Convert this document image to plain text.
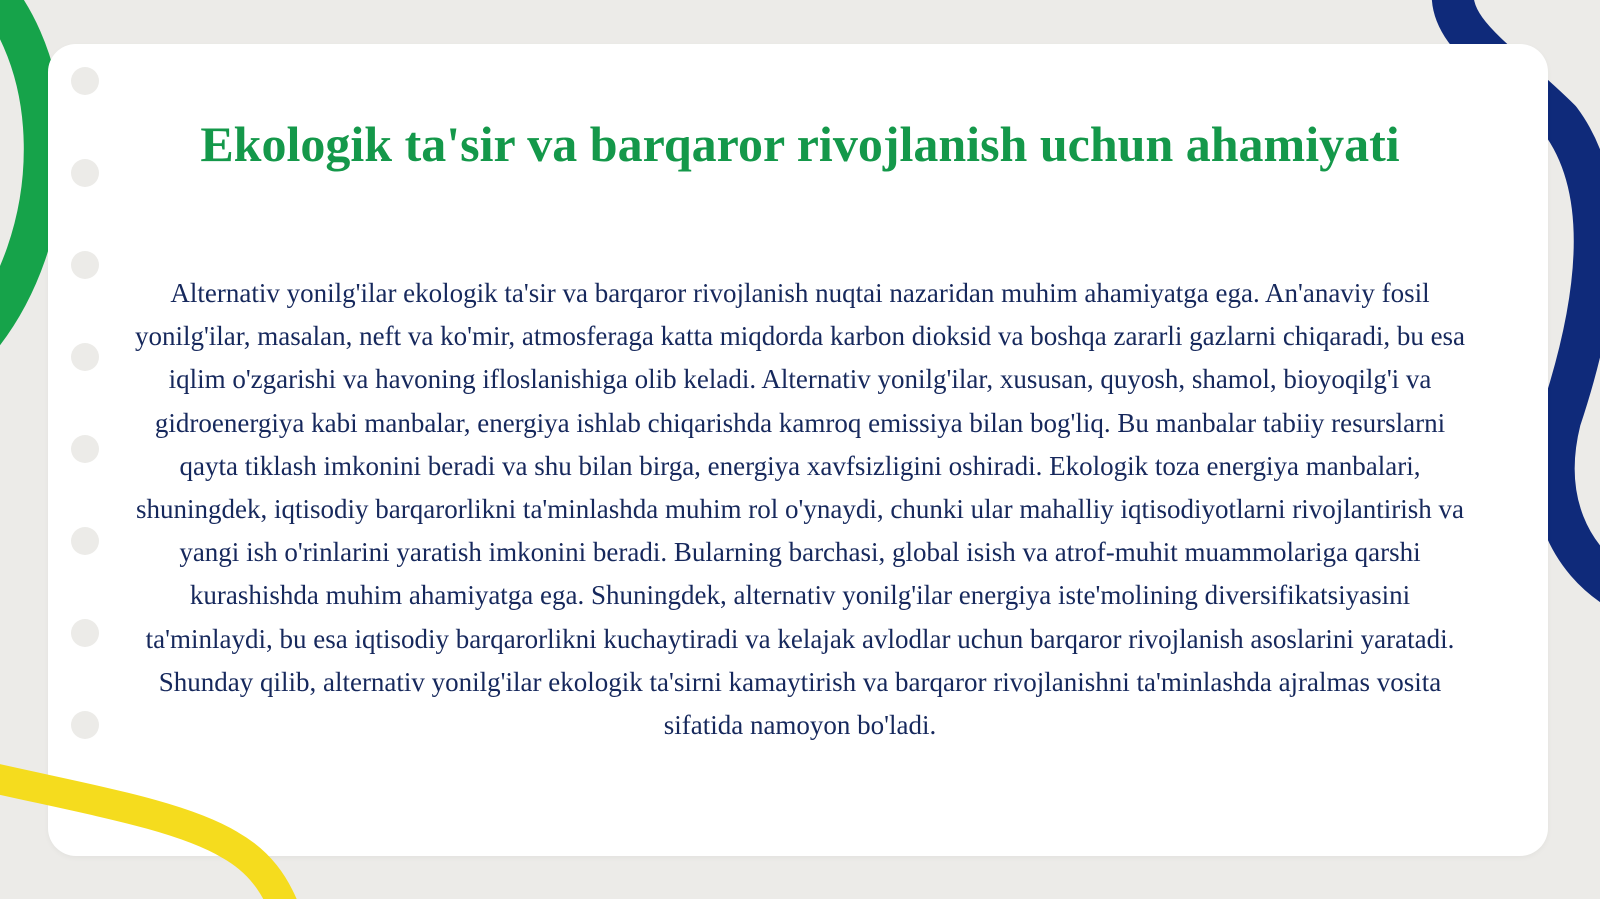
Ekologik ta'sir va barqaror rivojlanish uchun ahamiyati

Alternativ yonilg'ilar ekologik ta'sir va barqaror rivojlanish nuqtai nazaridan muhim ahamiyatga ega. An'anaviy fosil yonilg'ilar, masalan, neft va ko'mir, atmosferaga katta miqdorda karbon dioksid va boshqa zararli gazlarni chiqaradi, bu esa iqlim o'zgarishi va havoning ifloslanishiga olib keladi. Alternativ yonilg'ilar, xususan, quyosh, shamol, bioyoqilg'i va gidroenergiya kabi manbalar, energiya ishlab chiqarishda kamroq emissiya bilan bog'liq. Bu manbalar tabiiy resurslarni qayta tiklash imkonini beradi va shu bilan birga, energiya xavfsizligini oshiradi. Ekologik toza energiya manbalari, shuningdek, iqtisodiy barqarorlikni ta'minlashda muhim rol o'ynaydi, chunki ular mahalliy iqtisodiyotlarni rivojlantirish va yangi ish o'rinlarini yaratish imkonini beradi. Bularning barchasi, global isish va atrof-muhit muammolariga qarshi kurashishda muhim ahamiyatga ega. Shuningdek, alternativ yonilg'ilar energiya iste'molining diversifikatsiyasini ta'minlaydi, bu esa iqtisodiy barqarorlikni kuchaytiradi va kelajak avlodlar uchun barqaror rivojlanish asoslarini yaratadi. Shunday qilib, alternativ yonilg'ilar ekologik ta'sirni kamaytirish va barqaror rivojlanishni ta'minlashda ajralmas vosita sifatida namoyon bo'ladi.
